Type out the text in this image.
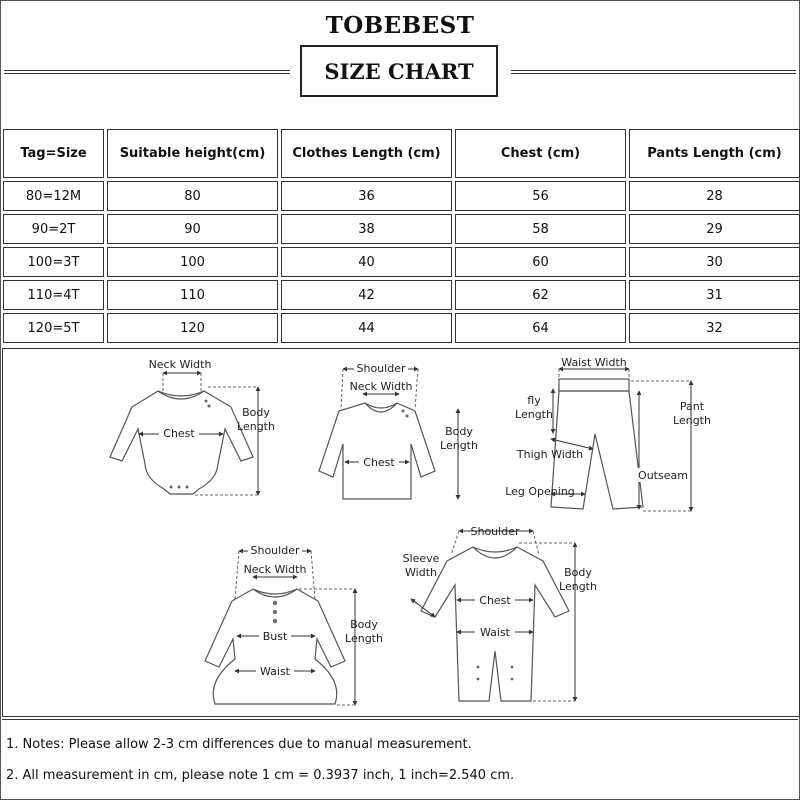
TOBEBEST
SIZE CHART
Tag=Size	Suitable height(cm)	Clothes Length (cm)	Chest (cm)	Pants Length (cm)
80=12M	80	36	56	28
90=2T	90	38	58	29
100=3T	100	40	60	30
110=4T	110	42	62	31
120=5T	120	44	64	32
Neck Width
Chest
Body
Length
Shoulder
Neck Width
Chest
Body
Length
Waist Width
fly
Length
Thigh Width
Leg Opening
Pant
Length
Outseam
Shoulder
Neck Width
Bust
Waist
Body
Length
Shoulder
Sleeve
Width
Chest
Waist
Body
Length
1. Notes: Please allow 2-3 cm differences due to manual measurement.
2. All measurement in cm, please note 1 cm = 0.3937 inch, 1 inch=2.540 cm.
